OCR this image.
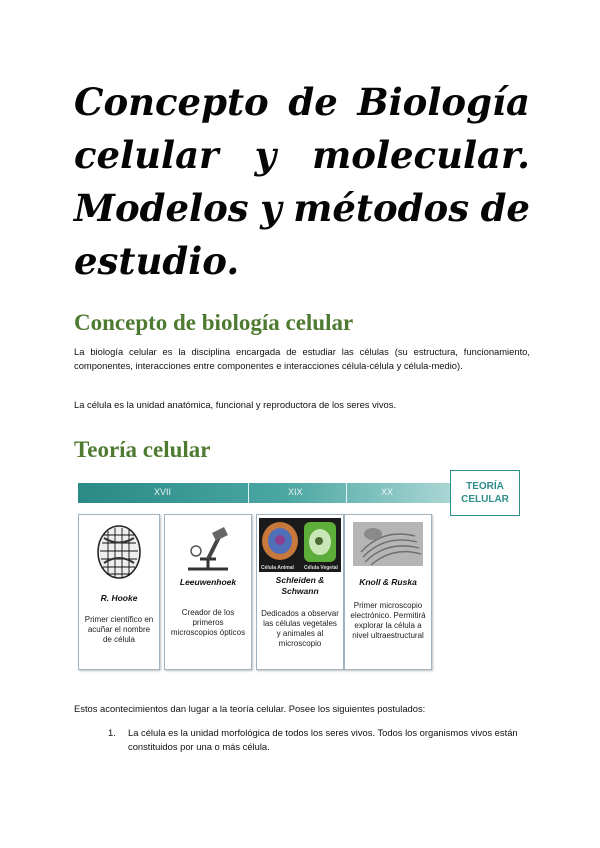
Concepto de Biología
celular y molecular.
Modelos y métodos de
estudio.
Concepto de biología celular

La biología celular es la disciplina encargada de estudiar las células (su estructura, funcionamiento, componentes, interacciones entre componentes e interacciones célula-célula y célula-medio).

La célula es la unidad anatómica, funcional y reproductora de los seres vivos.

Teoría celular
XVII	XIX	XX	TEORÍA
CELULAR
R. Hooke
Primer científico en acuñar el nombre de célula
Leeuwenhoek
Creador de los primeros microscopios ópticos
Célula Animal Célula Vegetal
Schleiden & Schwann
Dedicados a observar las células vegetales y animales al microscopio
Knoll & Ruska
Primer microscopio electrónico. Permitirá explorar la célula a nivel ultraestructural

Estos acontecimientos dan lugar a la teoría celular. Posee los siguientes postulados:

1. La célula es la unidad morfológica de todos los seres vivos. Todos los organismos vivos están constituidos por una o más célula.
